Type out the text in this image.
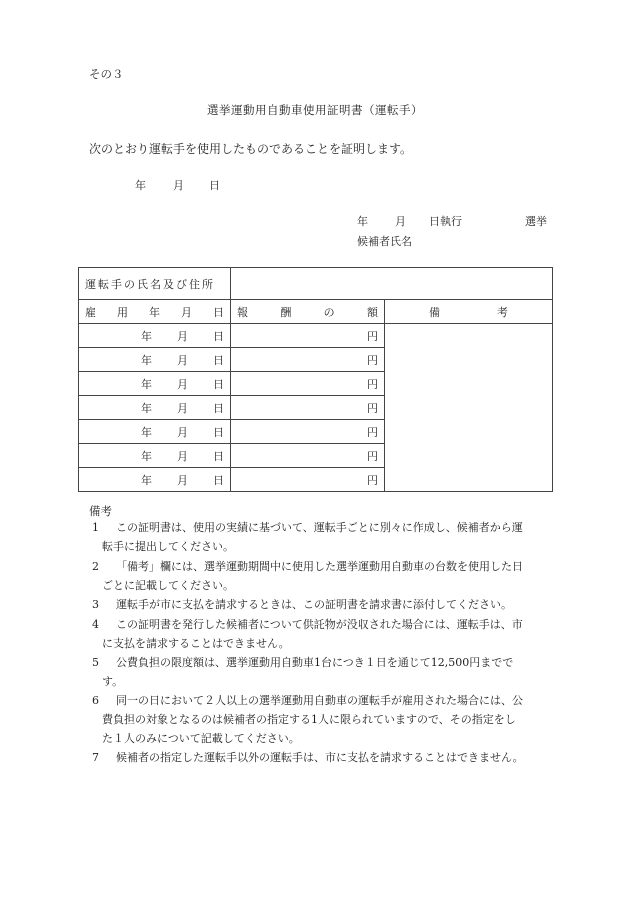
その３
選挙運動用自動車使用証明書（運転手）
次のとおり運転手を使用したものであることを証明します。
年 月 日
年 月 日執行	選挙
候補者氏名
運転手の氏名及び住所		

雇 用 年 月 日	報 酬 の 額	備 考

年 月 日	円	

年 月 日	円	

年 月 日	円	

年 月 日	円	

年 月 日	円	

年 月 日	円	

年 月 日	円	
備考
1	この証明書は、使用の実績に基づいて、運転手ごとに別々に作成し、候補者から運
転手に提出してください。
2	「備考」欄には、選挙運動期間中に使用した選挙運動用自動車の台数を使用した日
ごとに記載してください。
3	運転手が市に支払を請求するときは、この証明書を請求書に添付してください。
4	この証明書を発行した候補者について供託物が没収された場合には、運転手は、市
に支払を請求することはできません。
5	公費負担の限度額は、選挙運動用自動車1台につき１日を通じて12,500円までで
す。
6	同一の日において２人以上の選挙運動用自動車の運転手が雇用された場合には、公
費負担の対象となるのは候補者の指定する1人に限られていますので、その指定をし
た１人のみについて記載してください。
7	候補者の指定した運転手以外の運転手は、市に支払を請求することはできません。
